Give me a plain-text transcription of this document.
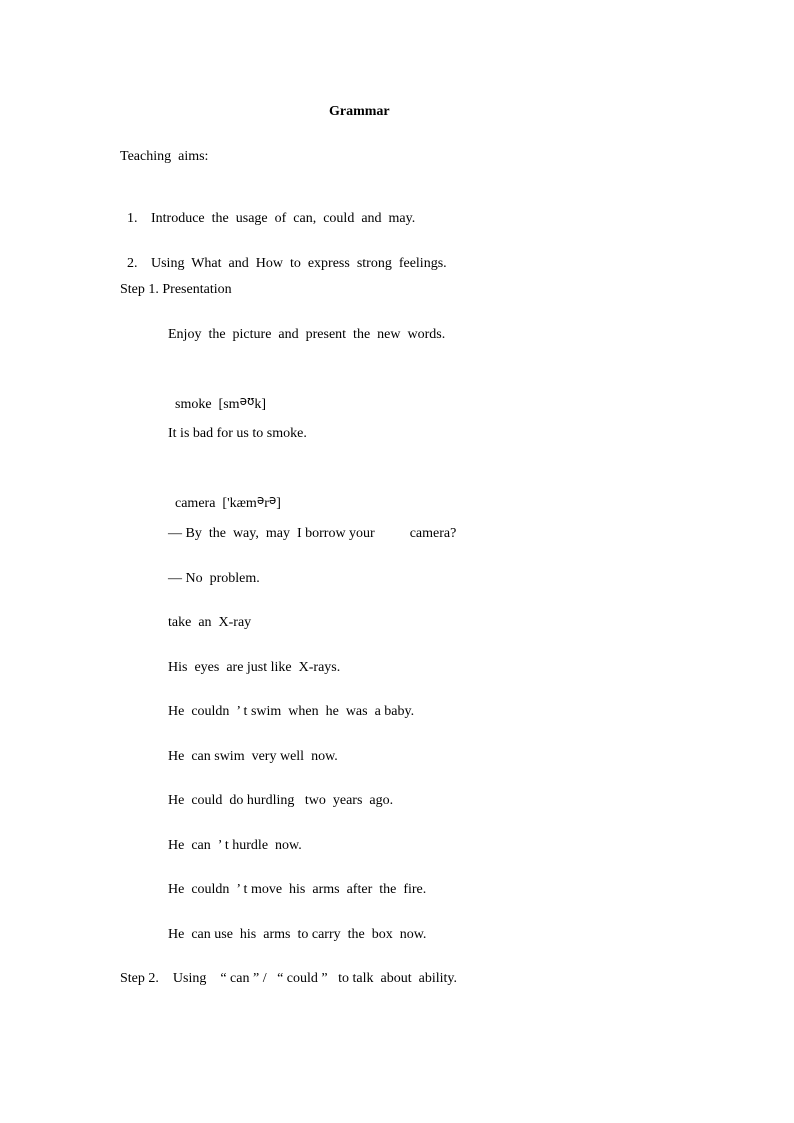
Grammar
Teaching  aims:

1. Introduce  the  usage  of  can,  could  and  may.

2. Using  What  and  How  to  express  strong  feelings.

Step 1. Presentation
Enjoy  the  picture  and  present  the  new  words.

smoke  [sməʊk]

It is bad for us to smoke.

camera  ['kæmərə]

— By  the  way,  may  I borrow your          camera?
— No  problem.
take  an  X-ray
His  eyes  are just like  X-rays.
He  couldn  ’ t swim  when  he  was  a baby.
He  can swim  very well  now.
He  could  do hurdling   two  years  ago.
He  can  ’ t hurdle  now.
He  couldn  ’ t move  his  arms  after  the  fire.
He  can use  his  arms  to carry  the  box  now.
Step 2.    Using    “ can ” /   “ could ”   to talk  about  ability.
